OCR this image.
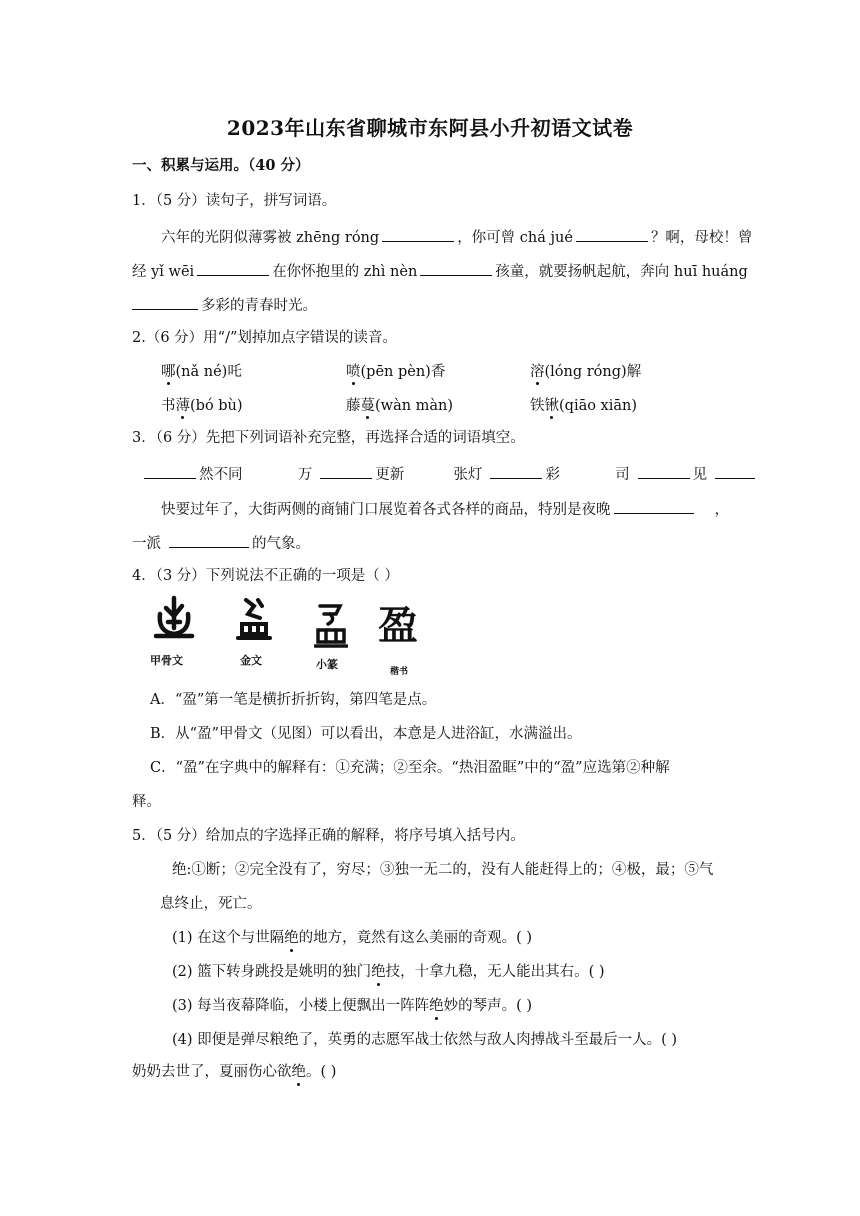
2023年山东省聊城市东阿县小升初语文试卷
一、积累与运用。（40 分）
1．（5 分）读句子，拼写词语。
六年的光阴似薄雾被 zhēng róng	，你可曾 chá jué	？啊，母校！曾
经 yǐ wēi	在你怀抱里的 zhì nèn	孩童，就要扬帆起航，奔向 huī huáng
多彩的青春时光。
2.（6 分）用“/”划掉加点字错误的读音。
哪(nǎ né)吒	喷(pēn pèn)香	溶(lóng róng)解
书薄(bó bù)	藤蔓(wàn màn)	铁锹(qiāo xiān)
3．（6 分）先把下列词语补充完整，再选择合适的词语填空。
然不同	万	更新	张灯	彩	司	见
快要过年了，大街两侧的商铺门口展览着各式各样的商品，特别是夜晚	，
一派	的气象。
4．（3 分）下列说法不正确的一项是（ ）
盈
甲骨文	金文	小篆
楷书
A．“盈”第一笔是横折折折钩，第四笔是点。
B．从“盈”甲骨文（见图）可以看出，本意是人进浴缸，水满溢出。
C．“盈”在字典中的解释有：①充满；②至余。“热泪盈眶”中的“盈”应选第②种解
释。
5．（5 分）给加点的字选择正确的解释，将序号填入括号内。
绝:①断；②完全没有了，穷尽；③独一无二的，没有人能赶得上的；④极，最；⑤气
息终止，死亡。
(1) 在这个与世隔绝的地方，竟然有这么美丽的奇观。( )
(2) 篮下转身跳投是姚明的独门绝技，十拿九稳，无人能出其右。( )
(3) 每当夜幕降临，小楼上便飘出一阵阵绝妙的琴声。( )
(4) 即便是弹尽粮绝了，英勇的志愿军战士依然与敌人肉搏战斗至最后一人。( )
奶奶去世了，夏丽伤心欲绝。( )
